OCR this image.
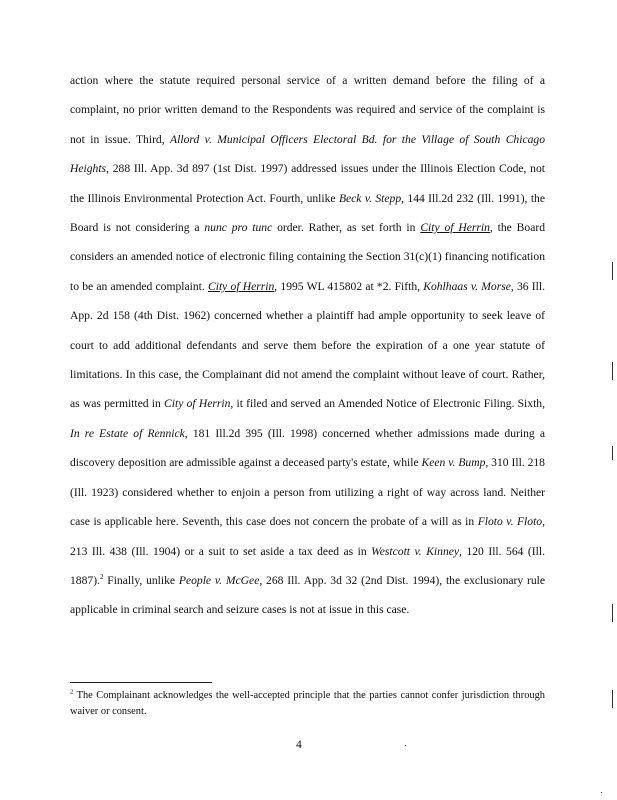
action where the statute required personal service of a written demand before the filing of a complaint, no prior written demand to the Respondents was required and service of the complaint is not in issue. Third, Allord v. Municipal Officers Electoral Bd. for the Village of South Chicago Heights, 288 Ill. App. 3d 897 (1st Dist. 1997) addressed issues under the Illinois Election Code, not the Illinois Environmental Protection Act. Fourth, unlike Beck v. Stepp, 144 Ill.2d 232 (Ill. 1991), the Board is not considering a nunc pro tunc order. Rather, as set forth in City of Herrin, the Board considers an amended notice of electronic filing containing the Section 31(c)(1) financing notification to be an amended complaint. City of Herrin, 1995 WL 415802 at *2. Fifth, Kohlhaas v. Morse, 36 Ill. App. 2d 158 (4th Dist. 1962) concerned whether a plaintiff had ample opportunity to seek leave of court to add additional defendants and serve them before the expiration of a one year statute of limitations. In this case, the Complainant did not amend the complaint without leave of court. Rather, as was permitted in City of Herrin, it filed and served an Amended Notice of Electronic Filing. Sixth, In re Estate of Rennick, 181 Ill.2d 395 (Ill. 1998) concerned whether admissions made during a discovery deposition are admissible against a deceased party's estate, while Keen v. Bump, 310 Ill. 218 (Ill. 1923) considered whether to enjoin a person from utilizing a right of way across land. Neither case is applicable here. Seventh, this case does not concern the probate of a will as in Floto v. Floto, 213 Ill. 438 (Ill. 1904) or a suit to set aside a tax deed as in Westcott v. Kinney, 120 Ill. 564 (Ill. 1887).$^2$ Finally, unlike People v. McGee, 268 Ill. App. 3d 32 (2nd Dist. 1994), the exclusionary rule applicable in criminal search and seizure cases is not at issue in this case.

$^2$ The Complainant acknowledges the well-accepted principle that the parties cannot confer jurisdiction through waiver or consent.

4
